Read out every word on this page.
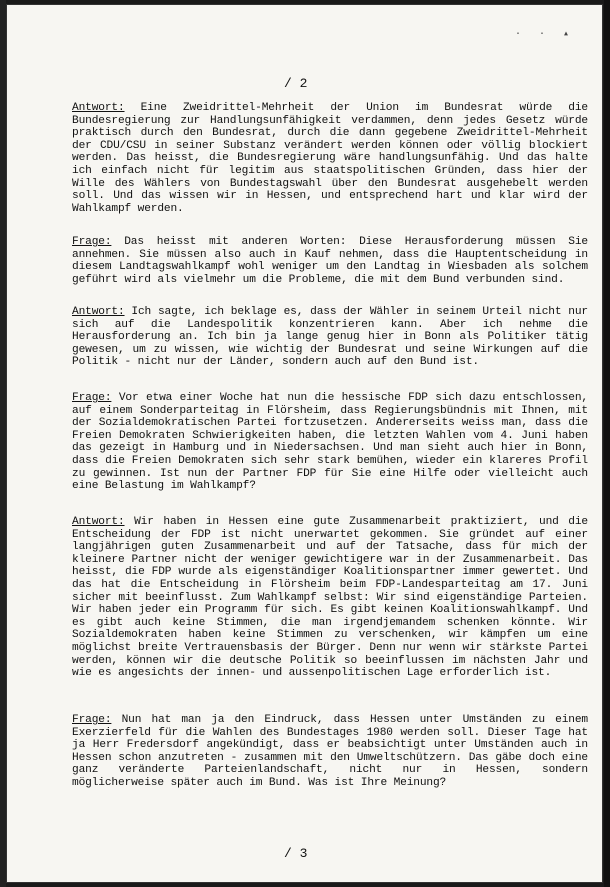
· · ▴
/ 2
Antwort: Eine Zweidrittel-Mehrheit der Union im Bundesrat würde die Bundesregierung zur Handlungsunfähigkeit verdammen, denn jedes Gesetz würde praktisch durch den Bundesrat, durch die dann gegebene Zweidrittel-Mehrheit der CDU/CSU in seiner Substanz verändert werden können oder völlig blockiert werden. Das heisst, die Bundesregierung wäre handlungsunfähig. Und das halte ich einfach nicht für legitim aus staatspolitischen Gründen, dass hier der Wille des Wählers von Bundestagswahl über den Bundesrat ausgehebelt werden soll. Und das wissen wir in Hessen, und entsprechend hart und klar wird der Wahlkampf werden.
Frage: Das heisst mit anderen Worten: Diese Herausforderung müssen Sie annehmen. Sie müssen also auch in Kauf nehmen, dass die Hauptentscheidung in diesem Landtagswahlkampf wohl weniger um den Landtag in Wiesbaden als solchem geführt wird als vielmehr um die Probleme, die mit dem Bund verbunden sind.
Antwort: Ich sagte, ich beklage es, dass der Wähler in seinem Urteil nicht nur sich auf die Landespolitik konzentrieren kann. Aber ich nehme die Herausforderung an. Ich bin ja lange genug hier in Bonn als Politiker tätig gewesen, um zu wissen, wie wichtig der Bundesrat und seine Wirkungen auf die Politik - nicht nur der Länder, sondern auch auf den Bund ist.
Frage: Vor etwa einer Woche hat nun die hessische FDP sich dazu entschlossen, auf einem Sonderparteitag in Flörsheim, dass Regierungsbündnis mit Ihnen, mit der Sozialdemokratischen Partei fortzusetzen. Andererseits weiss man, dass die Freien Demokraten Schwierigkeiten haben, die letzten Wahlen vom 4. Juni haben das gezeigt in Hamburg und in Niedersachsen. Und man sieht auch hier in Bonn, dass die Freien Demokraten sich sehr stark bemühen, wieder ein klareres Profil zu gewinnen. Ist nun der Partner FDP für Sie eine Hilfe oder vielleicht auch eine Belastung im Wahlkampf?
Antwort: Wir haben in Hessen eine gute Zusammenarbeit praktiziert, und die Entscheidung der FDP ist nicht unerwartet gekommen. Sie gründet auf einer langjährigen guten Zusammenarbeit und auf der Tatsache, dass für mich der kleinere Partner nicht der weniger gewichtigere war in der Zusammenarbeit. Das heisst, die FDP wurde als eigenständiger Koalitionspartner immer gewertet. Und das hat die Entscheidung in Flörsheim beim FDP-Landesparteitag am 17. Juni sicher mit beeinflusst. Zum Wahlkampf selbst: Wir sind eigenständige Parteien. Wir haben jeder ein Programm für sich. Es gibt keinen Koalitionswahlkampf. Und es gibt auch keine Stimmen, die man irgendjemandem schenken könnte. Wir Sozialdemokraten haben keine Stimmen zu verschenken, wir kämpfen um eine möglichst breite Vertrauensbasis der Bürger. Denn nur wenn wir stärkste Partei werden, können wir die deutsche Politik so beeinflussen im nächsten Jahr und wie es angesichts der innen- und aussenpolitischen Lage erforderlich ist.
Frage: Nun hat man ja den Eindruck, dass Hessen unter Umständen zu einem Exerzierfeld für die Wahlen des Bundestages 1980 werden soll. Dieser Tage hat ja Herr Fredersdorf angekündigt, dass er beabsichtigt unter Umständen auch in Hessen schon anzutreten - zusammen mit den Umweltschützern. Das gäbe doch eine ganz veränderte Parteienlandschaft, nicht nur in Hessen, sondern möglicherweise später auch im Bund. Was ist Ihre Meinung?
/ 3
